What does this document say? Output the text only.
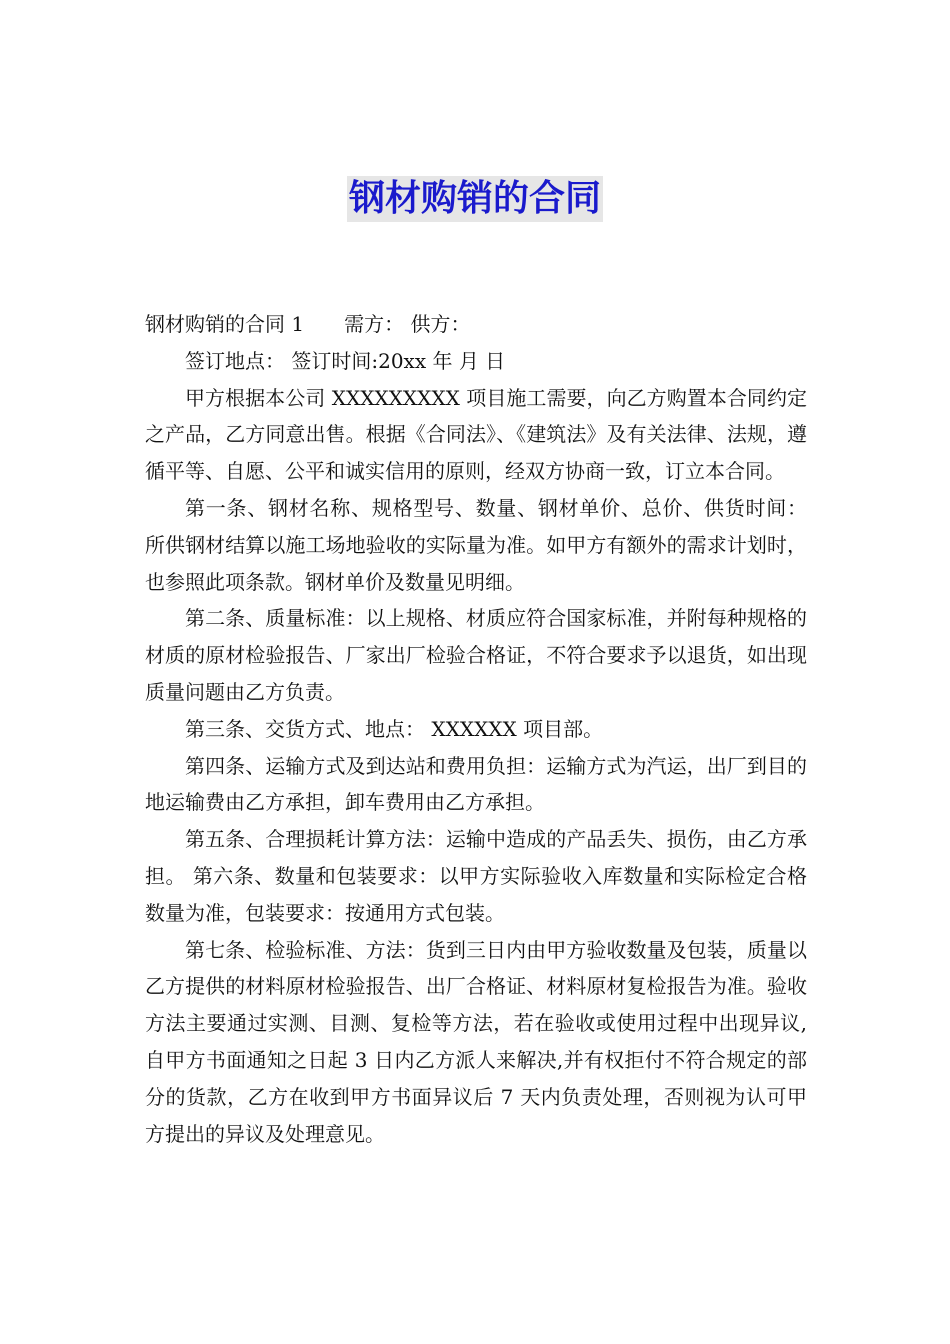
钢材购销的合同

钢材购销的合同 1 需方： 供方：

签订地点： 签订时间:20xx 年 月 日

甲方根据本公司 XXXXXXXXX 项目施工需要，向乙方购置本合同约定之产品，乙方同意出售。根据《合同法》、《建筑法》及有关法律、法规，遵循平等、自愿、公平和诚实信用的原则，经双方协商一致，订立本合同。

第一条、钢材名称、规格型号、数量、钢材单价、总价、供货时间： 所供钢材结算以施工场地验收的实际量为准。如甲方有额外的需求计划时，也参照此项条款。钢材单价及数量见明细。

第二条、质量标准：以上规格、材质应符合国家标准，并附每种规格的材质的原材检验报告、厂家出厂检验合格证，不符合要求予以退货，如出现质量问题由乙方负责。

第三条、交货方式、地点： XXXXXX 项目部。

第四条、运输方式及到达站和费用负担：运输方式为汽运，出厂到目的地运输费由乙方承担，卸车费用由乙方承担。

第五条、合理损耗计算方法：运输中造成的产品丢失、损伤，由乙方承担。 第六条、数量和包装要求：以甲方实际验收入库数量和实际检定合格数量为准，包装要求：按通用方式包装。

第七条、检验标准、方法：货到三日内由甲方验收数量及包装，质量以乙方提供的材料原材检验报告、出厂合格证、材料原材复检报告为准。验收方法主要通过实测、目测、复检等方法，若在验收或使用过程中出现异议,自甲方书面通知之日起 3 日内乙方派人来解决,并有权拒付不符合规定的部分的货款，乙方在收到甲方书面异议后 7 天内负责处理，否则视为认可甲方提出的异议及处理意见。
